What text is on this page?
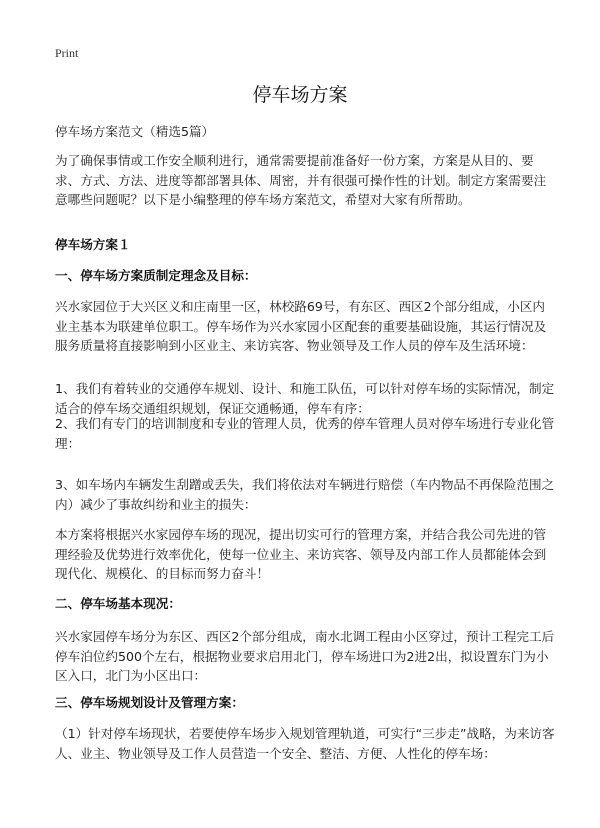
Print
停车场方案

停车场方案范文（精选5篇）

为了确保事情或工作安全顺利进行，通常需要提前准备好一份方案，方案是从目的、要求、方式、方法、进度等都部署具体、周密，并有很强可操作性的计划。制定方案需要注意哪些问题呢？以下是小编整理的停车场方案范文，希望对大家有所帮助。

停车场方案１

一、停车场方案质制定理念及目标：

兴水家园位于大兴区义和庄南里一区，林校路69号，有东区、西区2个部分组成，小区内业主基本为联建单位职工。停车场作为兴水家园小区配套的重要基础设施，其运行情况及服务质量将直接影响到小区业主、来访宾客、物业领导及工作人员的停车及生活环境：

1、我们有着转业的交通停车规划、设计、和施工队伍，可以针对停车场的实际情况，制定适合的停车场交通组织规划，保证交通畅通，停车有序：

2、我们有专门的培训制度和专业的管理人员，优秀的停车管理人员对停车场进行专业化管理：

3、如车场内车辆发生刮蹭或丢失，我们将依法对车辆进行赔偿（车内物品不再保险范围之内）减少了事故纠纷和业主的损失：

本方案将根据兴水家园停车场的现况，提出切实可行的管理方案，并结合我公司先进的管理经验及优势进行效率优化，使每一位业主、来访宾客、领导及内部工作人员都能体会到现代化、规模化、的目标而努力奋斗！

二、停车场基本现况：

兴水家园停车场分为东区、西区2个部分组成，南水北调工程由小区穿过，预计工程完工后停车泊位约500个左右，根据物业要求启用北门，停车场进口为2进2出，拟设置东门为小区入口，北门为小区出口：

三、停车场规划设计及管理方案：

（1）针对停车场现状，若要使停车场步入规划管理轨道，可实行“三步走”战略，为来访客人、业主、物业领导及工作人员营造一个安全、整洁、方便、人性化的停车场：
